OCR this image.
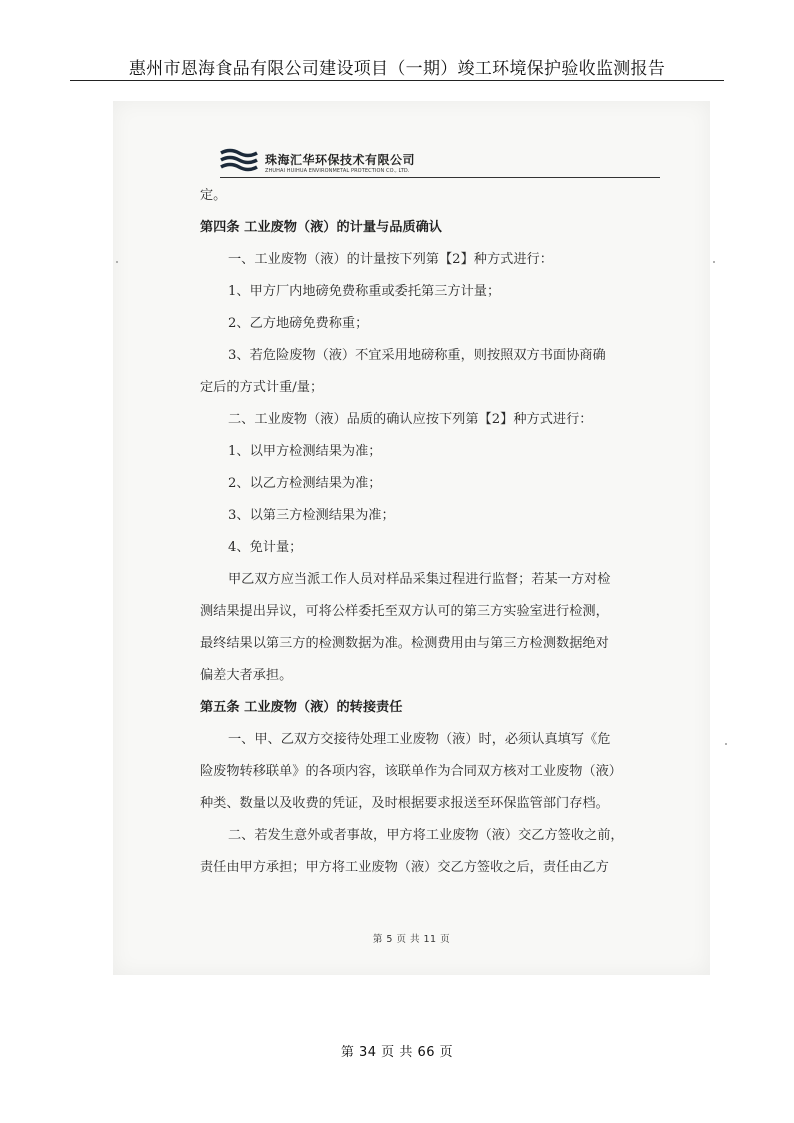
惠州市恩海食品有限公司建设项目（一期）竣工环境保护验收监测报告
珠海汇华环保技术有限公司
ZHUHAI HUIHUA ENVIRONMETAL PROTECTION CO., LTD.

定。

第四条 工业废物（液）的计量与品质确认

一、工业废物（液）的计量按下列第【2】种方式进行：

1、甲方厂内地磅免费称重或委托第三方计量；

2、乙方地磅免费称重；

3、若危险废物（液）不宜采用地磅称重，则按照双方书面协商确

定后的方式计重/量；

二、工业废物（液）品质的确认应按下列第【2】种方式进行：

1、以甲方检测结果为准；

2、以乙方检测结果为准；

3、以第三方检测结果为准；

4、免计量；

甲乙双方应当派工作人员对样品采集过程进行监督；若某一方对检

测结果提出异议，可将公样委托至双方认可的第三方实验室进行检测，

最终结果以第三方的检测数据为准。检测费用由与第三方检测数据绝对

偏差大者承担。

第五条 工业废物（液）的转接责任

一、甲、乙双方交接待处理工业废物（液）时，必须认真填写《危

险废物转移联单》的各项内容，该联单作为合同双方核对工业废物（液）

种类、数量以及收费的凭证，及时根据要求报送至环保监管部门存档。

二、若发生意外或者事故，甲方将工业废物（液）交乙方签收之前，

责任由甲方承担；甲方将工业废物（液）交乙方签收之后，责任由乙方

第 5 页 共 11 页
第 34 页 共 66 页
